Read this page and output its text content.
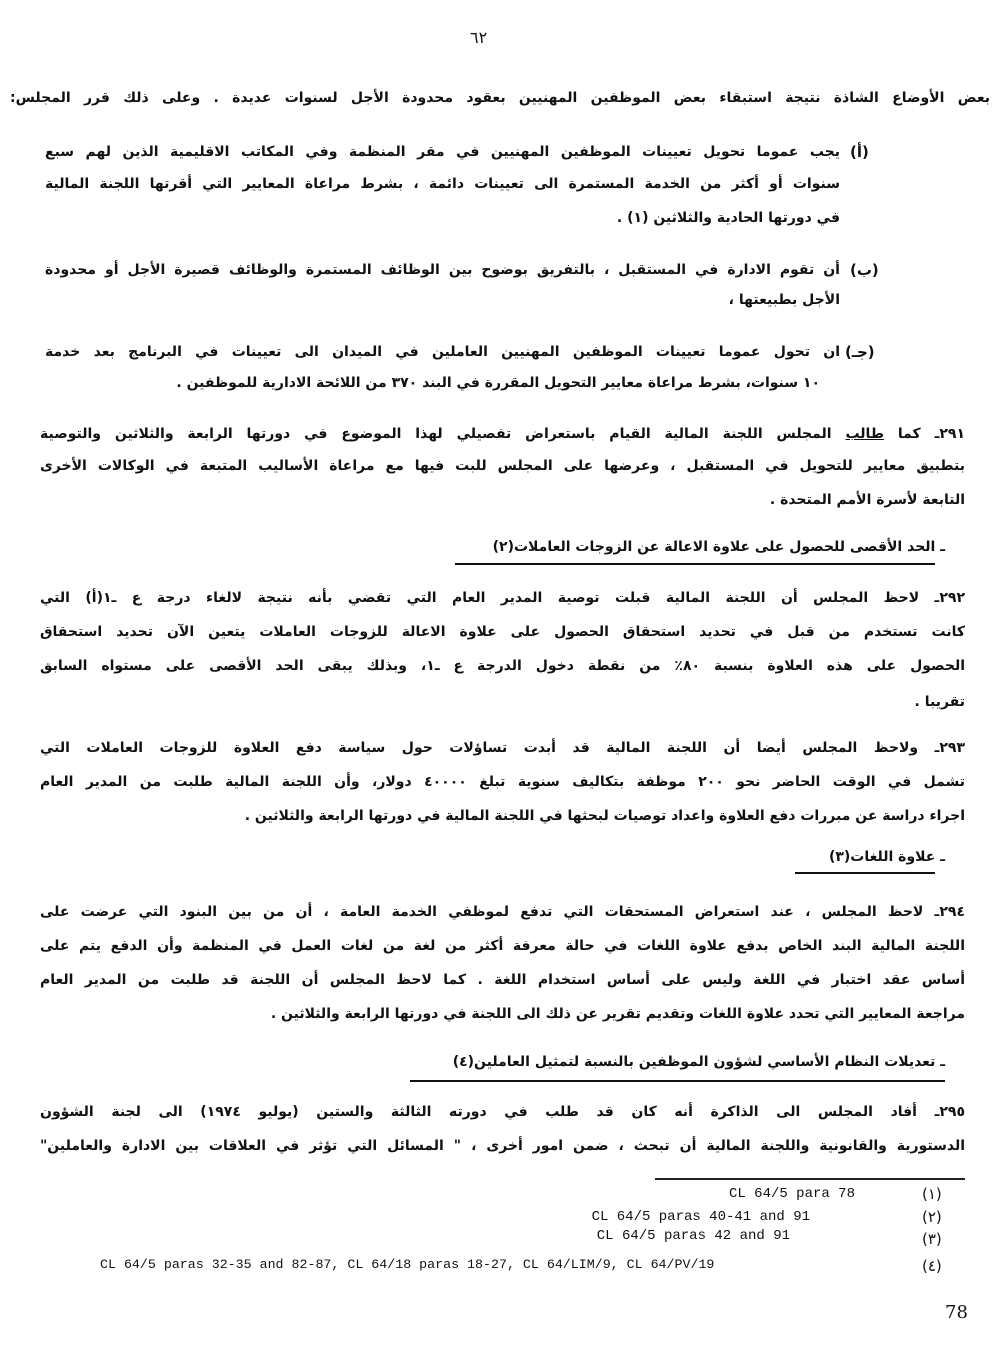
٦٢
بعض الأوضاع الشاذة نتيجة استبقاء بعض الموظفين المهنيين بعقود محدودة الأجل لسنوات عديدة . وعلى ذلك قرر المجلس:
(أ)
يجب عموما تحويل تعيينات الموظفين المهنيين في مقر المنظمة وفي المكاتب الاقليمية الذين لهم سبع
سنوات أو أكثر من الخدمة المستمرة الى تعيينات دائمة ، بشرط مراعاة المعايير التي أقرتها اللجنة المالية
في دورتها الحادية والثلاثين (١) .
(ب)
أن تقوم الادارة في المستقبل ، بالتفريق بوضوح بين الوظائف المستمرة والوظائف قصيرة الأجل أو محدودة
الأجل بطبيعتها ،
(جـ)
ان تحول عموما تعيينات الموظفين المهنيين العاملين في الميدان الى تعيينات في البرنامج بعد خدمة
١٠ سنوات، بشرط مراعاة معايير التحويل المقررة في البند ٣٧٠ من اللائحة الادارية للموظفين .
٢٩١ـ كما طالب المجلس اللجنة المالية القيام باستعراض تفصيلي لهذا الموضوع في دورتها الرابعة والثلاثين والتوصية
بتطبيق معايير للتحويل في المستقبل ، وعرضها على المجلس للبت فيها مع مراعاة الأساليب المتبعة في الوكالات الأخرى
التابعة لأسرة الأمم المتحدة .
ـ الحد الأقصى للحصول على علاوة الاعالة عن الزوجات العاملات(٢)
٢٩٢ـ لاحظ المجلس أن اللجنة المالية قبلت توصية المدير العام التي تقضي بأنه نتيجة لالغاء درجة ع ـ١(أ) التي
كانت تستخدم من قبل في تحديد استحقاق الحصول على علاوة الاعالة للزوجات العاملات يتعين الآن تحديد استحقاق
الحصول على هذه العلاوة بنسبة ٨٠٪ من نقطة دخول الدرجة ع ـ١، وبذلك يبقى الحد الأقصى على مستواه السابق
تقريبا .
٢٩٣ـ ولاحظ المجلس أيضا أن اللجنة المالية قد أبدت تساؤلات حول سياسة دفع العلاوة للزوجات العاملات التي
تشمل في الوقت الحاضر نحو ٢٠٠ موظفة بتكاليف سنوية تبلغ ٤٠٠٠٠ دولار، وأن اللجنة المالية طلبت من المدير العام
اجراء دراسة عن مبررات دفع العلاوة واعداد توصيات لبحثها في اللجنة المالية في دورتها الرابعة والثلاثين .
ـ علاوة اللغات(٣)
٢٩٤ـ لاحظ المجلس ، عند استعراض المستحقات التي تدفع لموظفي الخدمة العامة ، أن من بين البنود التي عرضت على
اللجنة المالية البند الخاص بدفع علاوة اللغات في حالة معرفة أكثر من لغة من لغات العمل في المنظمة وأن الدفع يتم على
أساس عقد اختبار في اللغة وليس على أساس استخدام اللغة . كما لاحظ المجلس أن اللجنة قد طلبت من المدير العام
مراجعة المعايير التي تحدد علاوة اللغات وتقديم تقرير عن ذلك الى اللجنة في دورتها الرابعة والثلاثين .
ـ تعديلات النظام الأساسي لشؤون الموظفين بالنسبة لتمثيل العاملين(٤)
٢٩٥ـ أفاد المجلس الى الذاكرة أنه كان قد طلب في دورته الثالثة والستين (يوليو ١٩٧٤) الى لجنة الشؤون
الدستورية والقانونية واللجنة المالية أن تبحث ، ضمن امور أخرى ، " المسائل التي تؤثر في العلاقات بين الادارة والعاملين"
(١)
CL 64/5 para 78
(٢)
CL 64/5 paras 40-41 and 91
(٣)
CL 64/5 paras 42 and 91
(٤)
CL 64/5 paras 32-35 and 82-87, CL 64/18 paras 18-27, CL 64/LIM/9, CL 64/PV/19
78
